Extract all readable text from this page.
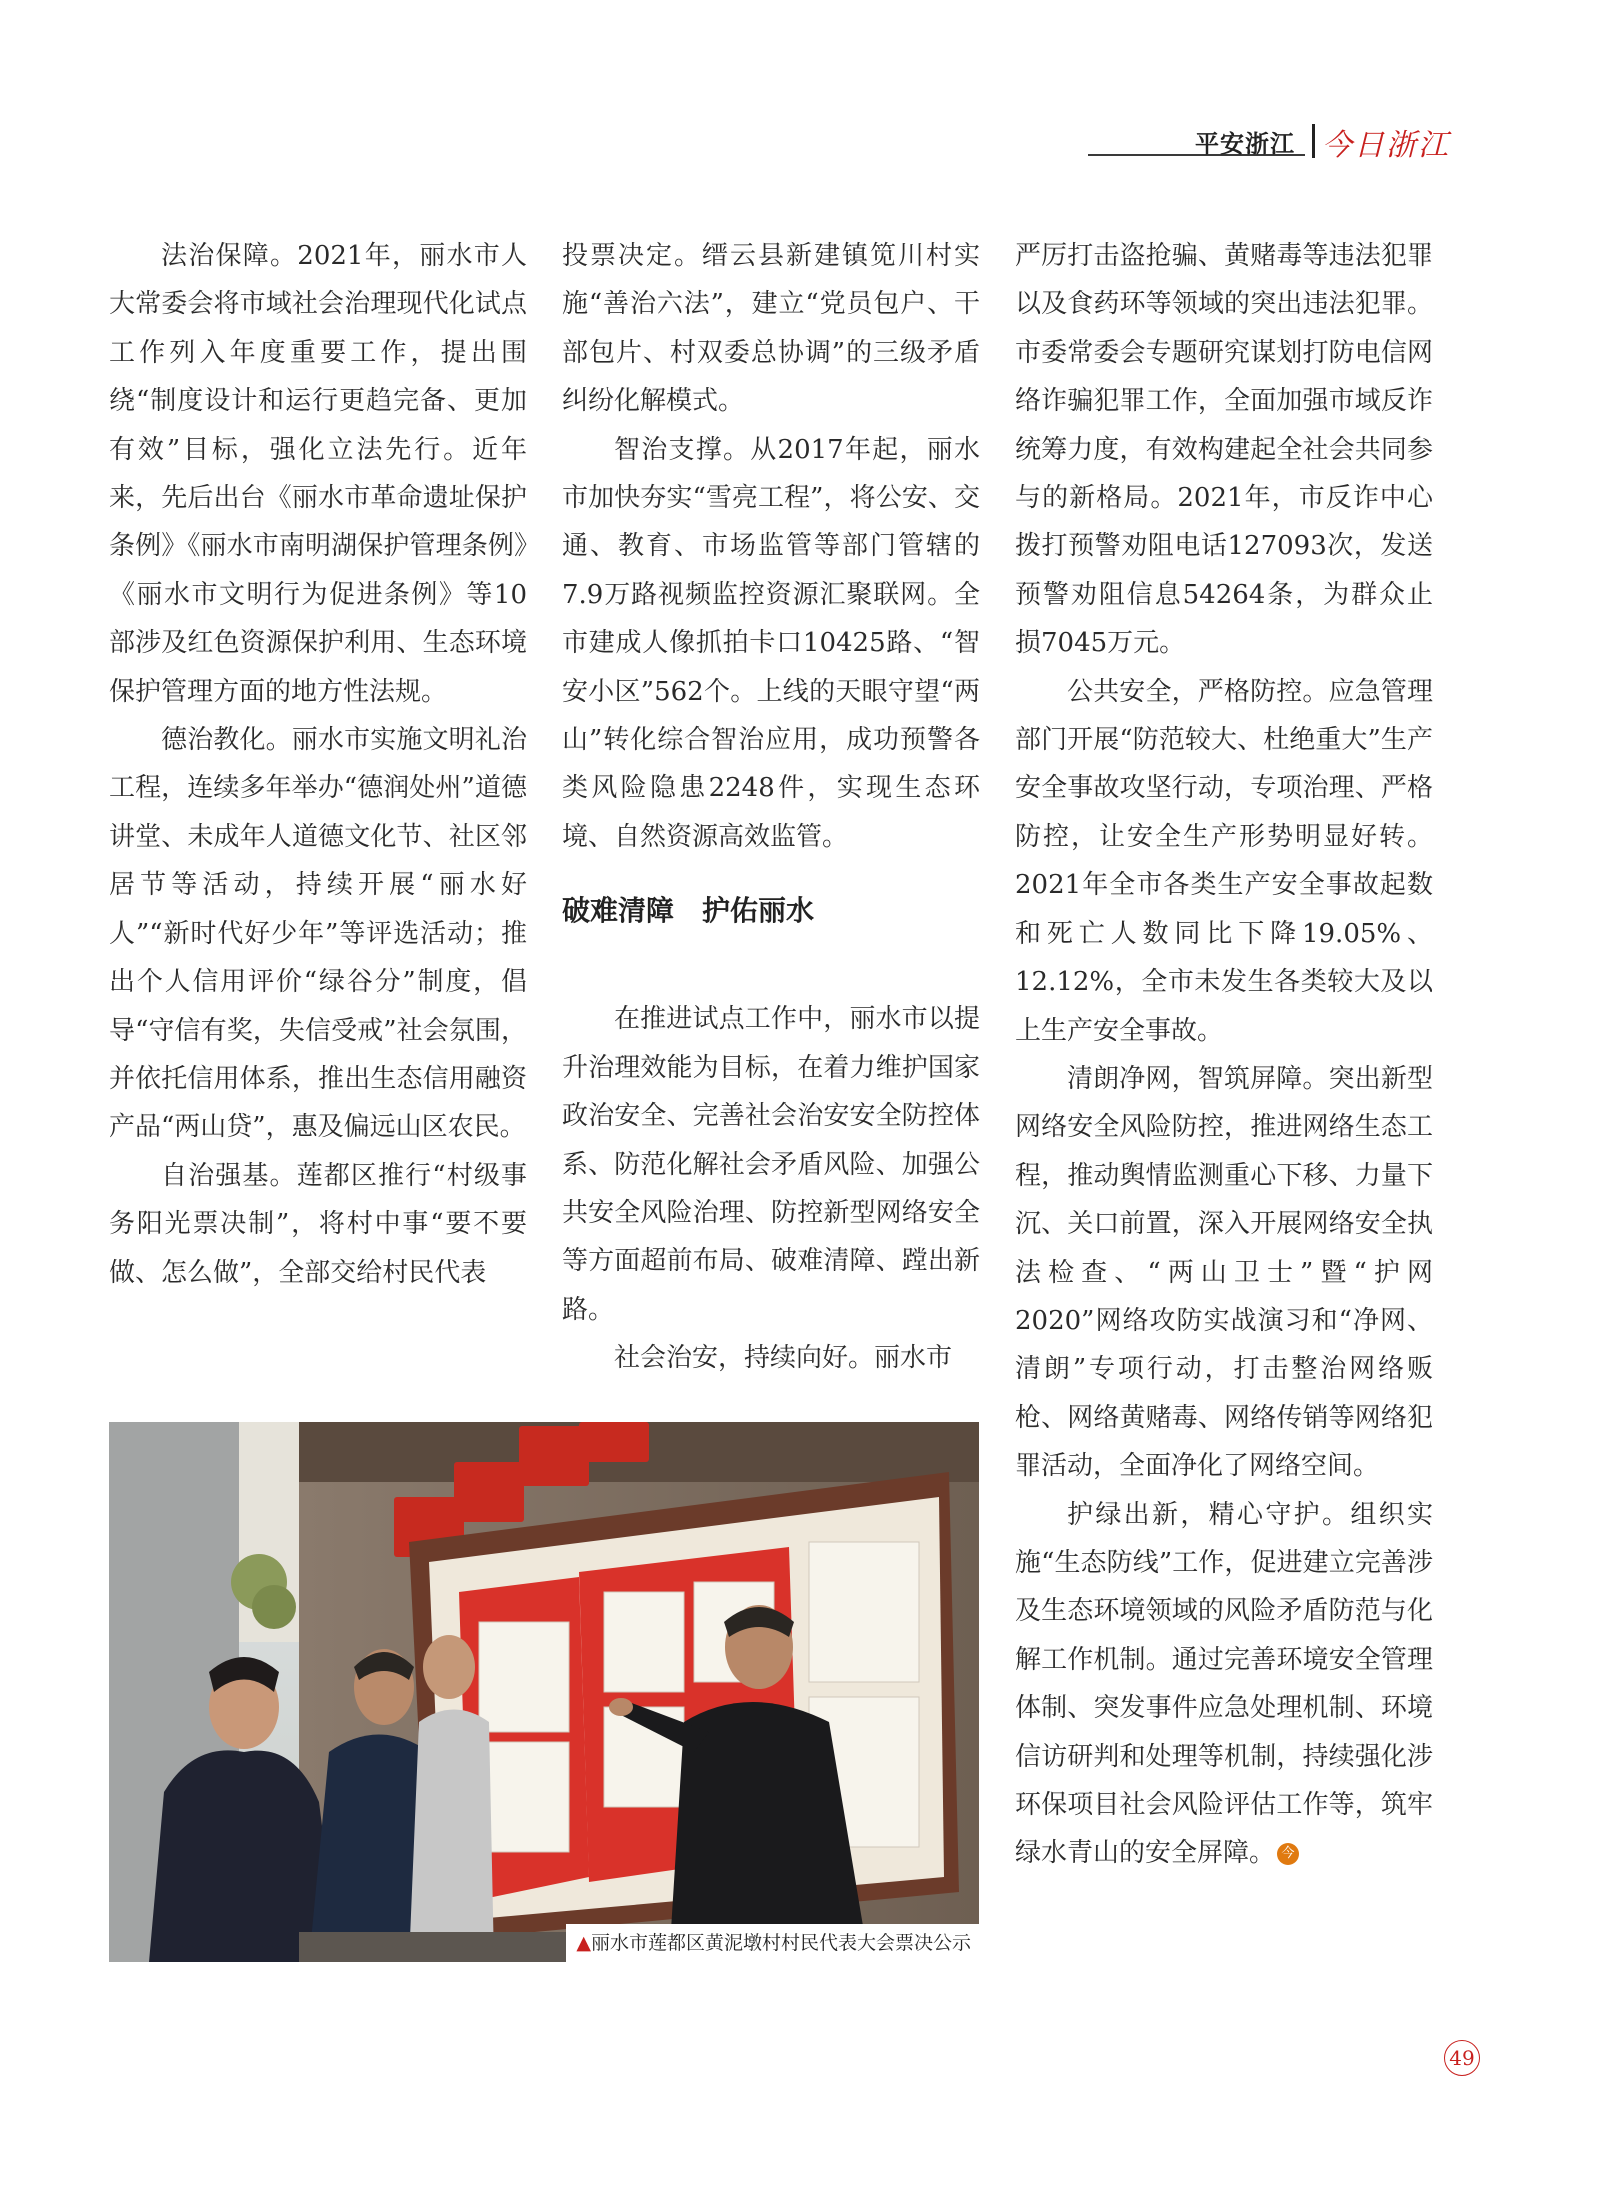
平安浙江 今日浙江

法治保障。2021年，丽水市人大常委会将市域社会治理现代化试点工作列入年度重要工作，提出围绕“制度设计和运行更趋完备、更加有效”目标，强化立法先行。近年来，先后出台《丽水市革命遗址保护条例》《丽水市南明湖保护管理条例》《丽水市文明行为促进条例》等10部涉及红色资源保护利用、生态环境保护管理方面的地方性法规。

德治教化。丽水市实施文明礼治工程，连续多年举办“德润处州”道德讲堂、未成年人道德文化节、社区邻居节等活动，持续开展“丽水好人”“新时代好少年”等评选活动；推出个人信用评价“绿谷分”制度，倡导“守信有奖，失信受戒”社会氛围，并依托信用体系，推出生态信用融资产品“两山贷”，惠及偏远山区农民。

自治强基。莲都区推行“村级事务阳光票决制”，将村中事“要不要做、怎么做”，全部交给村民代表

投票决定。缙云县新建镇笕川村实施“善治六法”，建立“党员包户、干部包片、村双委总协调”的三级矛盾纠纷化解模式。

智治支撑。从2017年起，丽水市加快夯实“雪亮工程”，将公安、交通、教育、市场监管等部门管辖的7.9万路视频监控资源汇聚联网。全市建成人像抓拍卡口10425路、“智安小区”562个。上线的天眼守望“两山”转化综合智治应用，成功预警各类风险隐患2248件，实现生态环境、自然资源高效监管。

破难清障　护佑丽水

在推进试点工作中，丽水市以提升治理效能为目标，在着力维护国家政治安全、完善社会治安安全防控体系、防范化解社会矛盾风险、加强公共安全风险治理、防控新型网络安全等方面超前布局、破难清障、蹚出新路。

社会治安，持续向好。丽水市

严厉打击盗抢骗、黄赌毒等违法犯罪以及食药环等领域的突出违法犯罪。市委常委会专题研究谋划打防电信网络诈骗犯罪工作，全面加强市域反诈统筹力度，有效构建起全社会共同参与的新格局。2021年，市反诈中心拨打预警劝阻电话127093次，发送预警劝阻信息54264条，为群众止损7045万元。

公共安全，严格防控。应急管理部门开展“防范较大、杜绝重大”生产安全事故攻坚行动，专项治理、严格防控，让安全生产形势明显好转。2021年全市各类生产安全事故起数和死亡人数同比下降19.05%、12.12%，全市未发生各类较大及以上生产安全事故。

清朗净网，智筑屏障。突出新型网络安全风险防控，推进网络生态工程，推动舆情监测重心下移、力量下沉、关口前置，深入开展网络安全执法检查、“两山卫士”暨“护网2020”网络攻防实战演习和“净网、清朗”专项行动，打击整治网络贩枪、网络黄赌毒、网络传销等网络犯罪活动，全面净化了网络空间。

护绿出新，精心守护。组织实施“生态防线”工作，促进建立完善涉及生态环境领域的风险矛盾防范与化解工作机制。通过完善环境安全管理体制、突发事件应急处理机制、环境信访研判和处理等机制，持续强化涉环保项目社会风险评估工作等，筑牢绿水青山的安全屏障。 今

▲丽水市莲都区黄泥墩村村民代表大会票决公示
49
